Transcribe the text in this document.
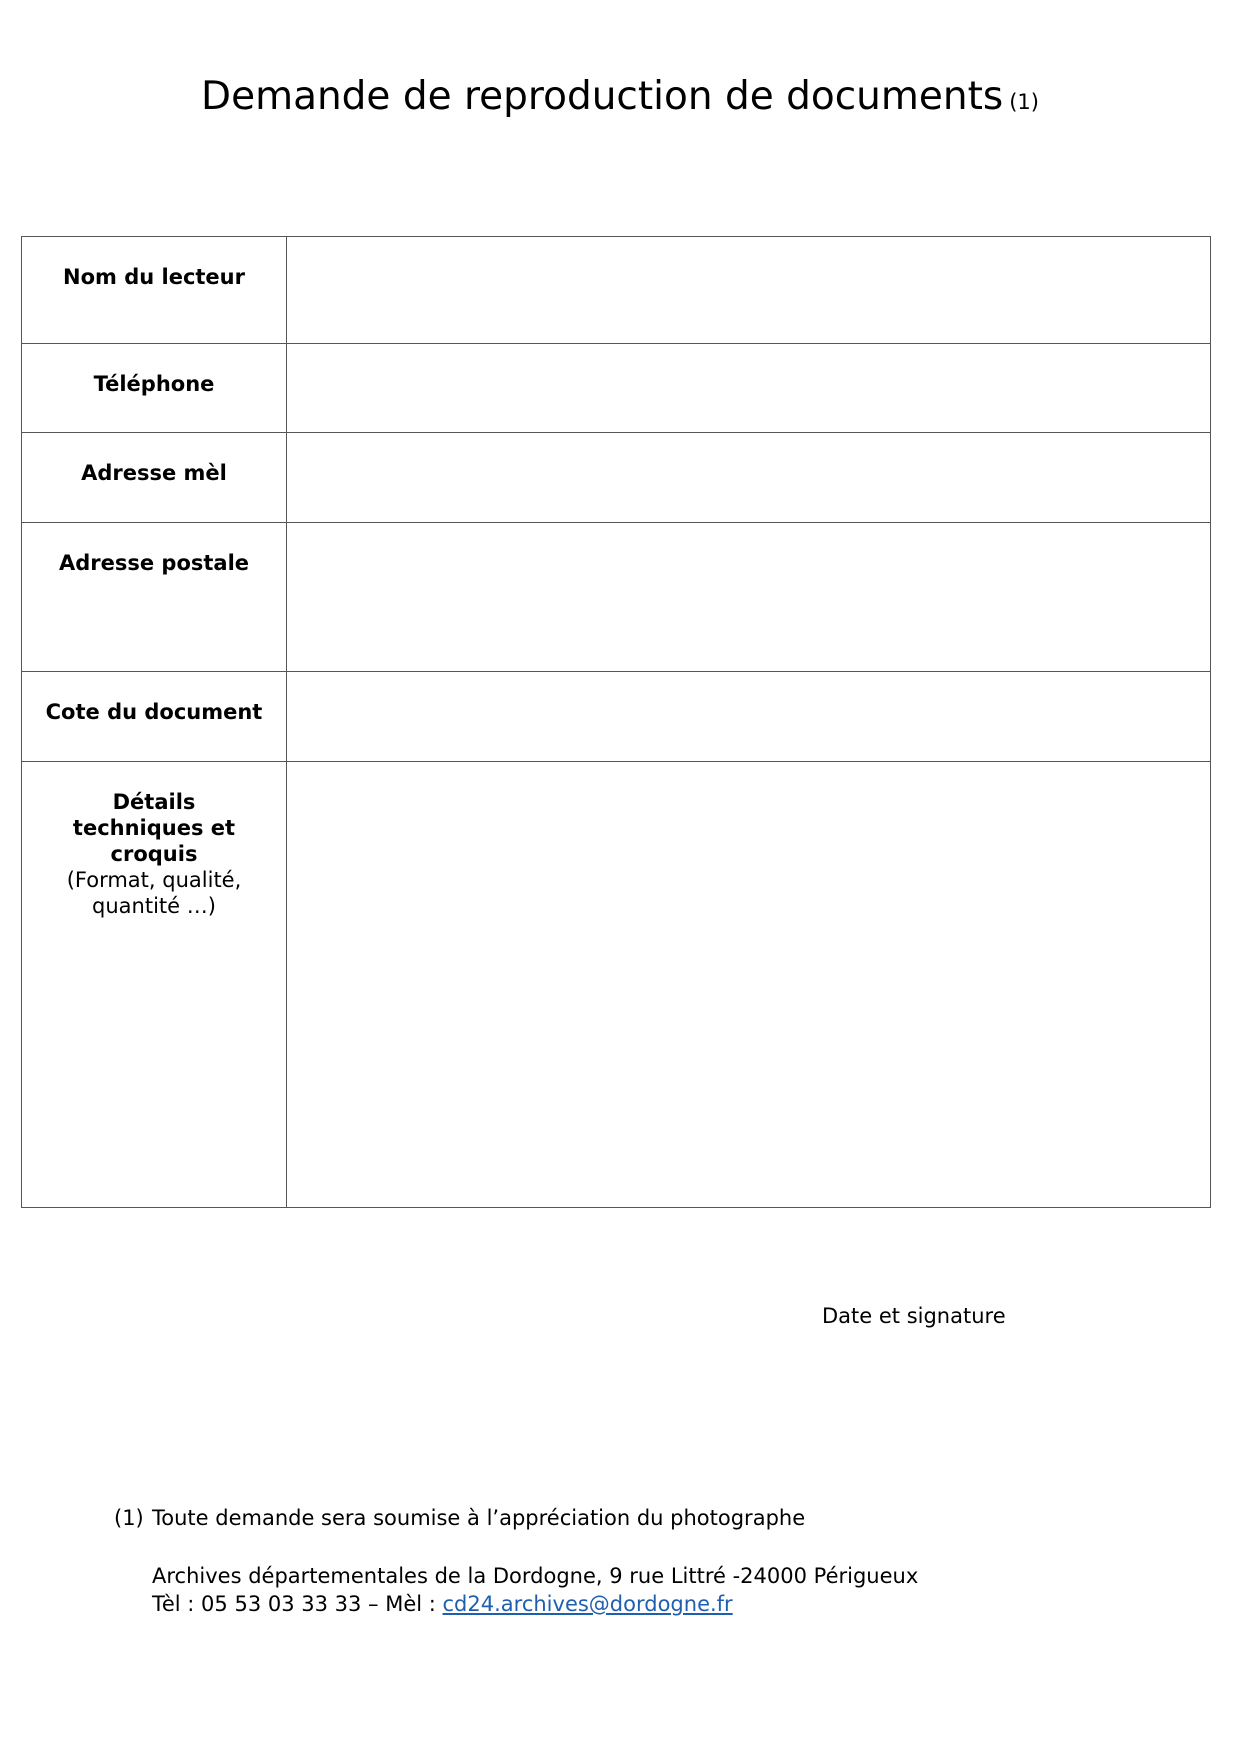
Demande de reproduction de documents (1)
Nom du lecteur	

Téléphone	

Adresse mèl	

Adresse postale	

Cote du document	

Détails techniques et croquis
(Format, qualité,
quantité …)

Date et signature
(1) Toute demande sera soumise à l’appréciation du photographe
Archives départementales de la Dordogne, 9 rue Littré -24000 Périgueux
Tèl : 05 53 03 33 33 – Mèl : cd24.archives@dordogne.fr
